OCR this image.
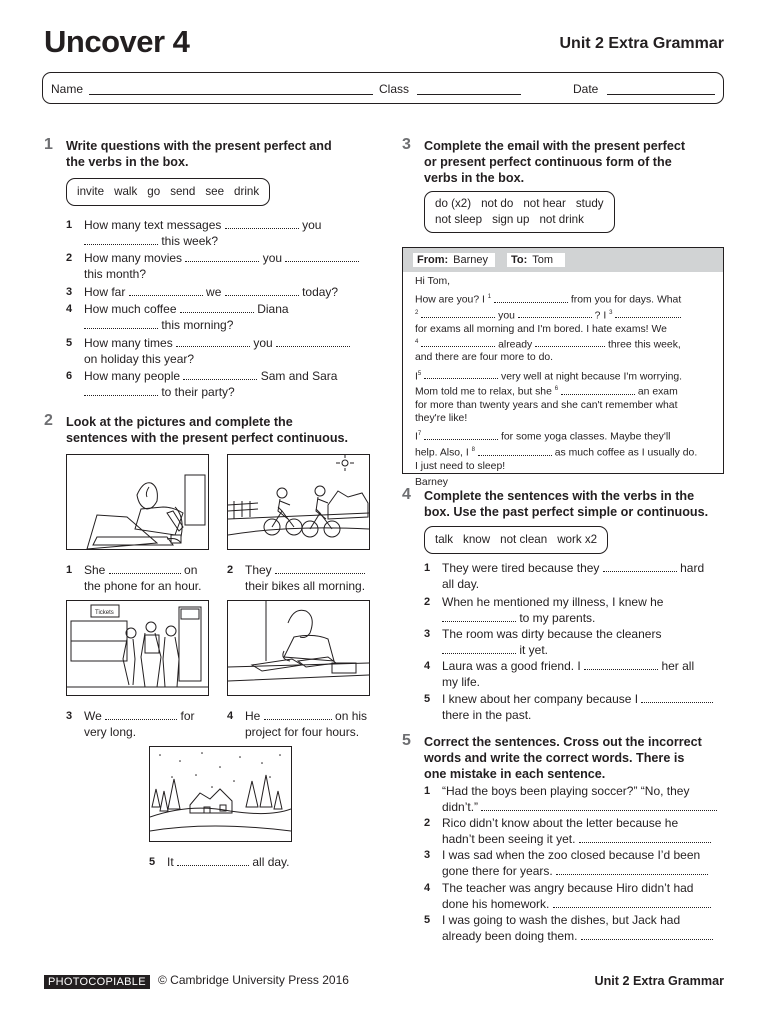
Uncover 4	Unit 2 Extra Grammar
Name	Class	Date
1 Write questions with the present perfect and
the verbs in the box.
invite walk go send see drink
1 How many text messages	you
this week?
2 How many movies	you
this month?
3 How far	we	today?
4 How much coffee	Diana
this morning?
5 How many times	you
on holiday this year?
6 How many people	Sam and Sara
to their party?
2 Look at the pictures and complete the
sentences with the present perfect continuous.
1 She	on
the phone for an hour.
2 They
their bikes all morning.
Tickets
3 We	for
very long.
4 He	on his
project for four hours.
5 It	all day.
3 Complete the email with the present perfect
or present perfect continuous form of the
verbs in the box.
do (x2) not do not hear study
not sleep sign up not drink
From: Barney	To: Tom

Hi Tom,

How are you? I $^1$	from you for days. What
$^2$	you	? I $^3$
for exams all morning and I'm bored. I hate exams! We
$^4$	already	three this week,
and there are four more to do.

$I^5$	very well at night because I'm worrying.
Mom told me to relax, but she $^6$	an exam
for more than twenty years and she can't remember what
they're like!

$I^7$	for some yoga classes. Maybe they'll
help. Also, I $^8$	as much coffee as I usually do.
I just need to sleep!

Barney

4 Complete the sentences with the verbs in the
box. Use the past perfect simple or continuous.
talk know not clean work x2
1 They were tired because they	hard
all day.
2 When he mentioned my illness, I knew he
to my parents.
3 The room was dirty because the cleaners
it yet.
4 Laura was a good friend. I	her all
my life.
5 I knew about her company because I
there in the past.
5 Correct the sentences. Cross out the incorrect
words and write the correct words. There is
one mistake in each sentence.
1 “Had the boys been playing soccer?” “No, they
didn’t.”
2 Rico didn’t know about the letter because he
hadn’t been seeing it yet.
3 I was sad when the zoo closed because I’d been
gone there for years.
4 The teacher was angry because Hiro didn’t had
done his homework.
5 I was going to wash the dishes, but Jack had
already been doing them.
PHOTOCOPIABLE	© Cambridge University Press 2016	Unit 2 Extra Grammar
